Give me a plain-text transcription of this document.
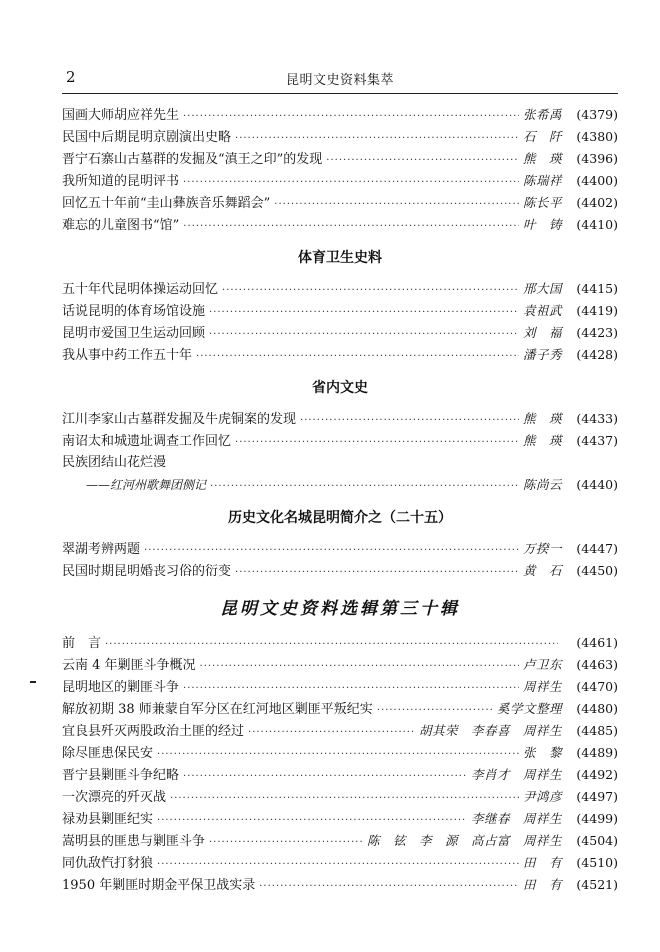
2	昆明文史资料集萃
国画大师胡应祥先生 ·····	张希禹	(4379)
民国中后期昆明京剧演出史略 ·····	石　阡	(4380)
晋宁石寨山古墓群的发掘及“滇王之印”的发现 ·····	熊　瑛	(4396)
我所知道的昆明评书 ·····	陈瑞祥	(4400)
回忆五十年前“圭山彝族音乐舞蹈会” ·····	陈长平	(4402)
难忘的儿童图书“馆” ·····	叶　铸	(4410)
体育卫生史料
五十年代昆明体操运动回忆 ·····	邢大国	(4415)
话说昆明的体育场馆设施 ·····	袁祖武	(4419)
昆明市爱国卫生运动回顾 ·····	刘　福	(4423)
我从事中药工作五十年 ·····	潘子秀	(4428)
省内文史
江川李家山古墓群发掘及牛虎铜案的发现 ·····	熊　瑛	(4433)
南诏太和城遗址调查工作回忆 ·····	熊　瑛	(4437)
民族团结山花烂漫
——红河州歌舞团侧记 ·····	陈尚云	(4440)
历史文化名城昆明简介之（二十五）
翠湖考辨两题 ·····	万揆一	(4447)
民国时期昆明婚丧习俗的衍变 ·····	黄　石	(4450)
昆明文史资料选辑第三十辑
前　言 ·····	(4461)
云南 4 年剿匪斗争概况 ·····	卢卫东	(4463)
昆明地区的剿匪斗争 ·····	周祥生	(4470)
解放初期 38 师兼蒙自军分区在红河地区剿匪平叛纪实 ·····	奚学文整理	(4480)
宜良县歼灭两股政治土匪的经过 ·····	胡其荣　李春喜　周祥生	(4485)
除尽匪患保民安 ·····	张　黎	(4489)
晋宁县剿匪斗争纪略 ·····	李肖才　周祥生	(4492)
一次漂亮的歼灭战 ·····	尹鸿彦	(4497)
禄劝县剿匪纪实 ·····	李继春　周祥生	(4499)
嵩明县的匪患与剿匪斗争 ·····	陈　铉　李　源　高占富　周祥生	(4504)
同仇敌忾打豺狼 ·····	田　有	(4510)
1950 年剿匪时期金平保卫战实录 ·····	田　有	(4521)
